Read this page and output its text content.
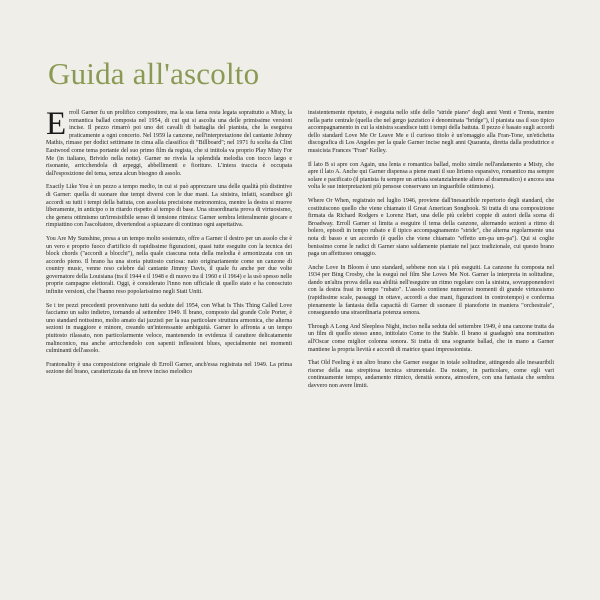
Guida all'ascolto

Erroll Garner fu un prolifico compositore, ma la sua fama resta legata soprattutto a Misty, la romantica ballad composta nel 1954, di cui qui si ascolta una delle primissime versioni incise. Il pezzo rimarrò poi uno dei cavalli di battaglia del pianista, che la eseguiva praticamente a ogni concerto. Nel 1959 la canzone, nell'interpretazione del cantante Johnny Mathis, rimase per dodici settimane in cima alla classifica di "Billboard"; nel 1971 fu scelta da Clint Eastwood come tema portante del suo primo film da regista, che si intitola va proprio Play Misty For Me (in italiano, Brivido nella notte). Garner ne rivela la splendida melodia con tocco largo e risonante, arricchendola di arpeggi, abbellimenti e fioriture. L'intera traccia è occupata dall'esposizione del tema, senza alcun bisogno di assolo.

Exactly Like You è un pezzo a tempo medio, in cui si può apprezzare una delle qualità più distintive di Garner: quella di suonare due tempi diversi con le due mani. La sinistra, infatti, scandisce gli accordi su tutti i tempi della battuta, con assoluta precisione metronomica, mentre la destra si muove liberamente, in anticipo o in ritardo rispetto al tempo di base. Una straordinaria prova di virtuosismo, che genera ottimismo un'irresistibile senso di tensione ritmica: Garner sembra letteralmente giocare e rimpiattino con l'ascoltatore, divertendosi a spiazzare di continuo ogni aspettativa.

You Are My Sunshine, presa a un tempo molto sostenuto, offre a Garner il destro per un assolo che è un vero e proprio fuoco d'artificio di rapidissime figurazioni, quasi tutte eseguite con la tecnica dei block chords ("accordi a blocchi"), nella quale ciascuna nota della melodia è armonizzata con un accordo pieno. Il brano ha una storia piuttosto curiosa: nato originariamente come un canzone di country music, venne reso celebre dal cantante Jimmy Davis, il quale fu anche per due volte governatore della Louisiana (tra il 1944 e il 1948 e di nuovo tra il 1960 e il 1964) e la usò spesso nelle proprie campagne elettorali. Oggi, è considerato l'inno non ufficiale di quello stato e ha conosciuto infinite versioni, che l'hanno reso popolarissimo negli Stati Uniti.

Se i tre pezzi precedenti provenivano tutti da sedute del 1954, con What Is This Thing Called Love facciamo un salto indietro, tornando al settembre 1949. Il brano, composto dal grande Cole Porter, è uno standard notissimo, molto amato dai jazzisti per la sua particolare struttura armonica, che alterna sezioni in maggiore e minore, creando un'interessante ambiguità. Garner lo affronta a un tempo piuttosto rilassato, non particolarmente veloce, mantenendo in evidenza il carattere delicatamente malinconico, ma anche arricchendolo con sapenti inflessioni blues, specialmente nei momenti culminanti dell'assolo.

Frantonality è una composizione originale di Erroll Garner, anch'essa registrata nel 1949. La prima sezione del brano, caratterizzata da un breve inciso melodico

insistentemente ripetuto, è eseguita nello stile dello "stride piano" degli anni Venti e Trenta, mentre nella parte centrale (quella che nel gergo jazzistico è denominata "bridge"), il pianista usa il suo tipico accompagnamento in cui la sinistra scandisce tutti i tempi della battuta. Il pezzo è basato sugli accordi dello standard Love Me Or Leave Me e il curioso titolo è un'omaggio alla Fran-Tone, un'etichetta discografica di Los Angeles per la quale Garner incise negli anni Quaranta, diretta dalla produttrice e musicista Frances "Fran" Kelley.

Il lato B si apre con Again, una lenta e romantica ballad, molto simile nell'andamento a Misty, che apre il lato A. Anche qui Garner dispensa a piene mani il suo lirismo espansivo, romantico ma sempre solare e pacificato (il pianista fu sempre un artista sostanzialmente alieno al drammatico) e ancora una volta le sue interpretazioni più pensose conservano un inguaribile ottimismo).

Where Or When, registrato nel luglio 1946, proviene dall'inesauribile repertorio degli standard, che costituiscono quello che viene chiamato il Great American Songbook. Si tratta di una composizione firmata da Richard Rodgers e Lorenz Hart, una delle più celebri coppie di autori della scena di Broadway. Erroll Garner si limita a eseguire il tema della canzone, alternando sezioni a ritmo di bolero, episodi in tempo rubato e il tipico accompagnamento "stride", che alterna regolarmente una nota di basso e un accordo (è quello che viene chiamato "effetto um-pa um-pa"). Qui si coglie benissimo come le radici di Garner siano saldamente piantate nel jazz tradizionale, cui questo brano paga un affettuoso omaggio.

Anche Love In Bloom è uno standard, sebbene non sia i più eseguiti. La canzone fu composta nel 1934 per Bing Crosby, che la eseguì nel film She Loves Me Not. Garner la interpreta in solitudine, dando un'altra prova della sua abilità nell'eseguire un ritmo regolare con la sinistra, sovrapponendovi con la destra frasi in tempo "rubato". L'assolo contiene numerosi momenti di grande virtuosismo (rapidissime scale, passaggi in ottave, accordi a due mani, figurazioni in controtempo) e conferma pienamente la fantasia della capacità di Garner di suonare il pianoforte in maniera "orchestrale", conseguendo una straordinaria potenza sonora.

Through A Long And Sleepless Night, inciso nella seduta del settembre 1949, è una canzone tratta da un film di quello stesso anno, intitolato Come to the Stable. Il brano si guadagnò una nomination all'Oscar come miglior colonna sonora. Si tratta di una sognante ballad, che in mano a Garner mantiene la propria lievità e accordi di matrice quasi impressionista.

That Old Feeling è un altro brano che Garner esegue in totale solitudine, attingendo alle inesauribili risorse della sua strepitosa tecnica strumentale. Da notare, in particolare, come egli vari continuamente tempo, andamento ritmico, densità sonora, atmosfere, con una fantasia che sembra davvero non avere limiti.
